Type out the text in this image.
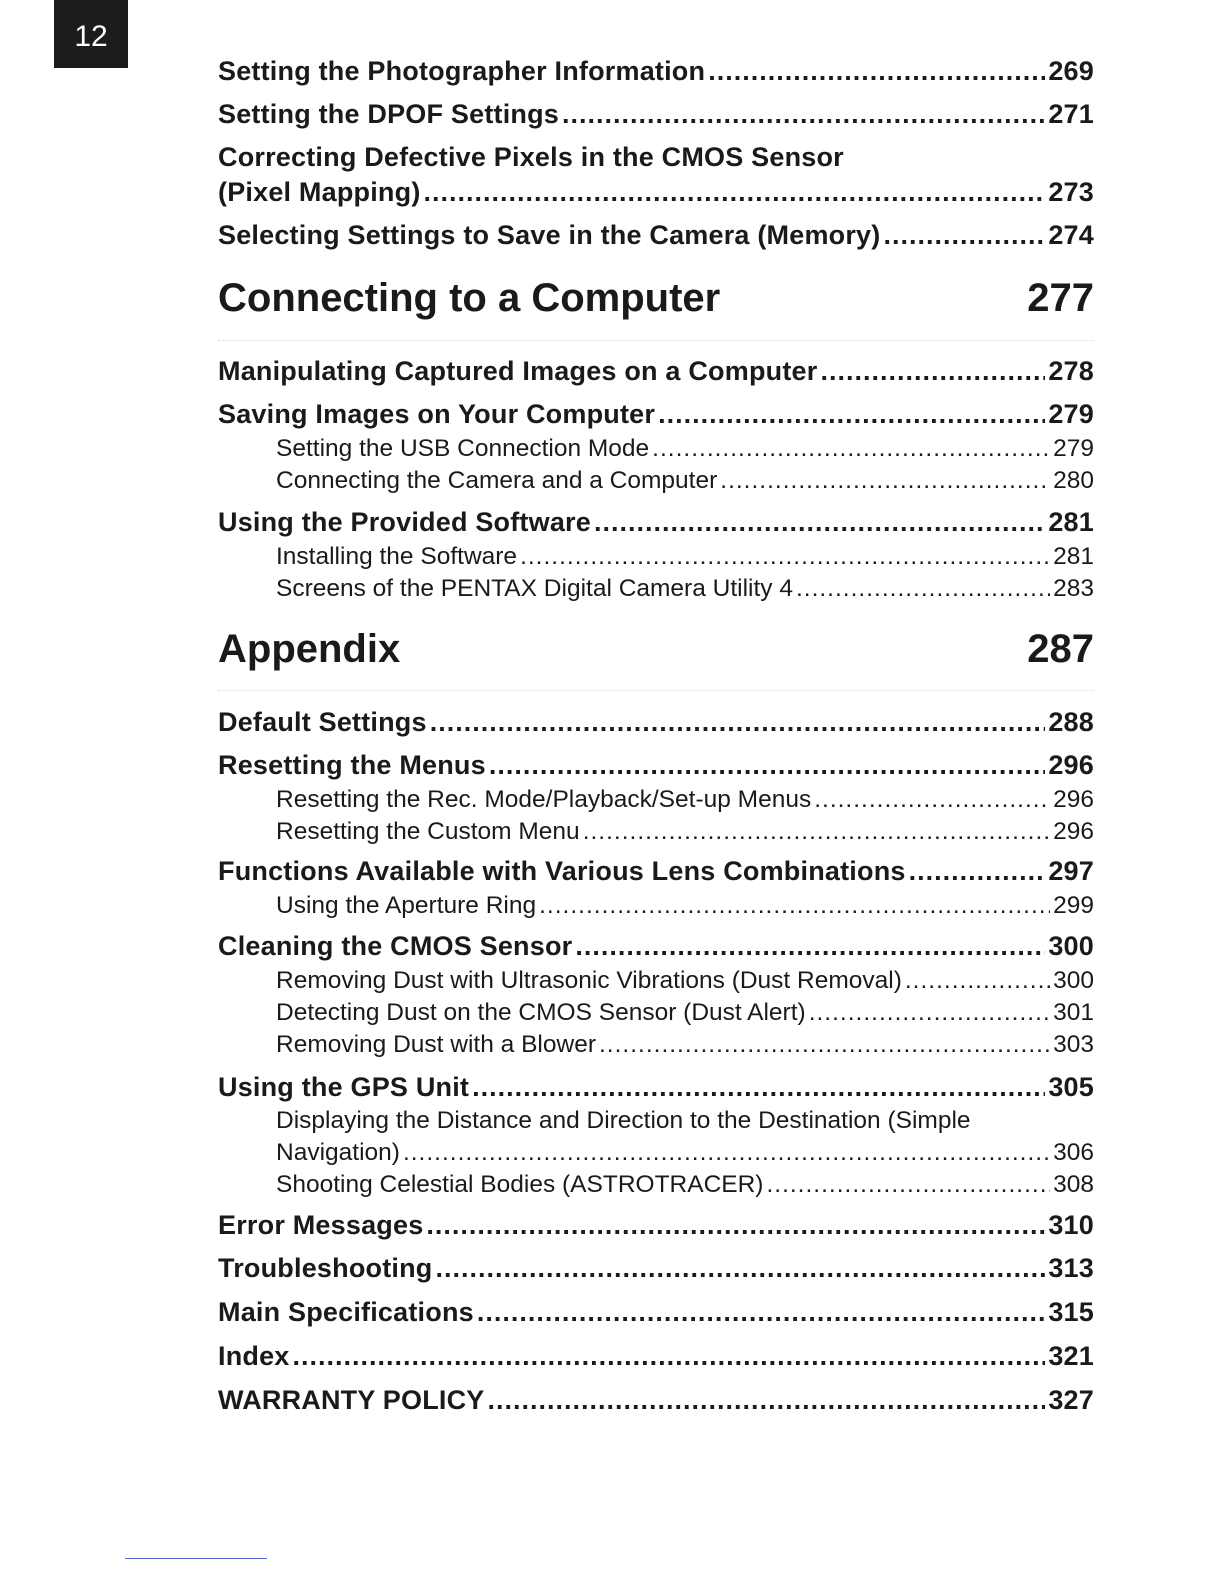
12
Setting the Photographer Information .....	269
Setting the DPOF Settings .....	271
Correcting Defective Pixels in the CMOS Sensor
(Pixel Mapping) .....	273
Selecting Settings to Save in the Camera (Memory) .....	274
Connecting to a Computer	277
Manipulating Captured Images on a Computer .....	278
Saving Images on Your Computer .....	279
Setting the USB Connection Mode .....	279
Connecting the Camera and a Computer .....	280
Using the Provided Software .....	281
Installing the Software .....	281
Screens of the PENTAX Digital Camera Utility 4 .....	283
Appendix	287
Default Settings .....	288
Resetting the Menus .....	296
Resetting the Rec. Mode/Playback/Set-up Menus .....	296
Resetting the Custom Menu .....	296
Functions Available with Various Lens Combinations .....	297
Using the Aperture Ring .....	299
Cleaning the CMOS Sensor .....	300
Removing Dust with Ultrasonic Vibrations (Dust Removal) .....	300
Detecting Dust on the CMOS Sensor (Dust Alert) .....	301
Removing Dust with a Blower .....	303
Using the GPS Unit .....	305
Displaying the Distance and Direction to the Destination (Simple
Navigation) .....	306
Shooting Celestial Bodies (ASTROTRACER) .....	308
Error Messages .....	310
Troubleshooting .....	313
Main Specifications .....	315
Index .....	321
WARRANTY POLICY .....	327
